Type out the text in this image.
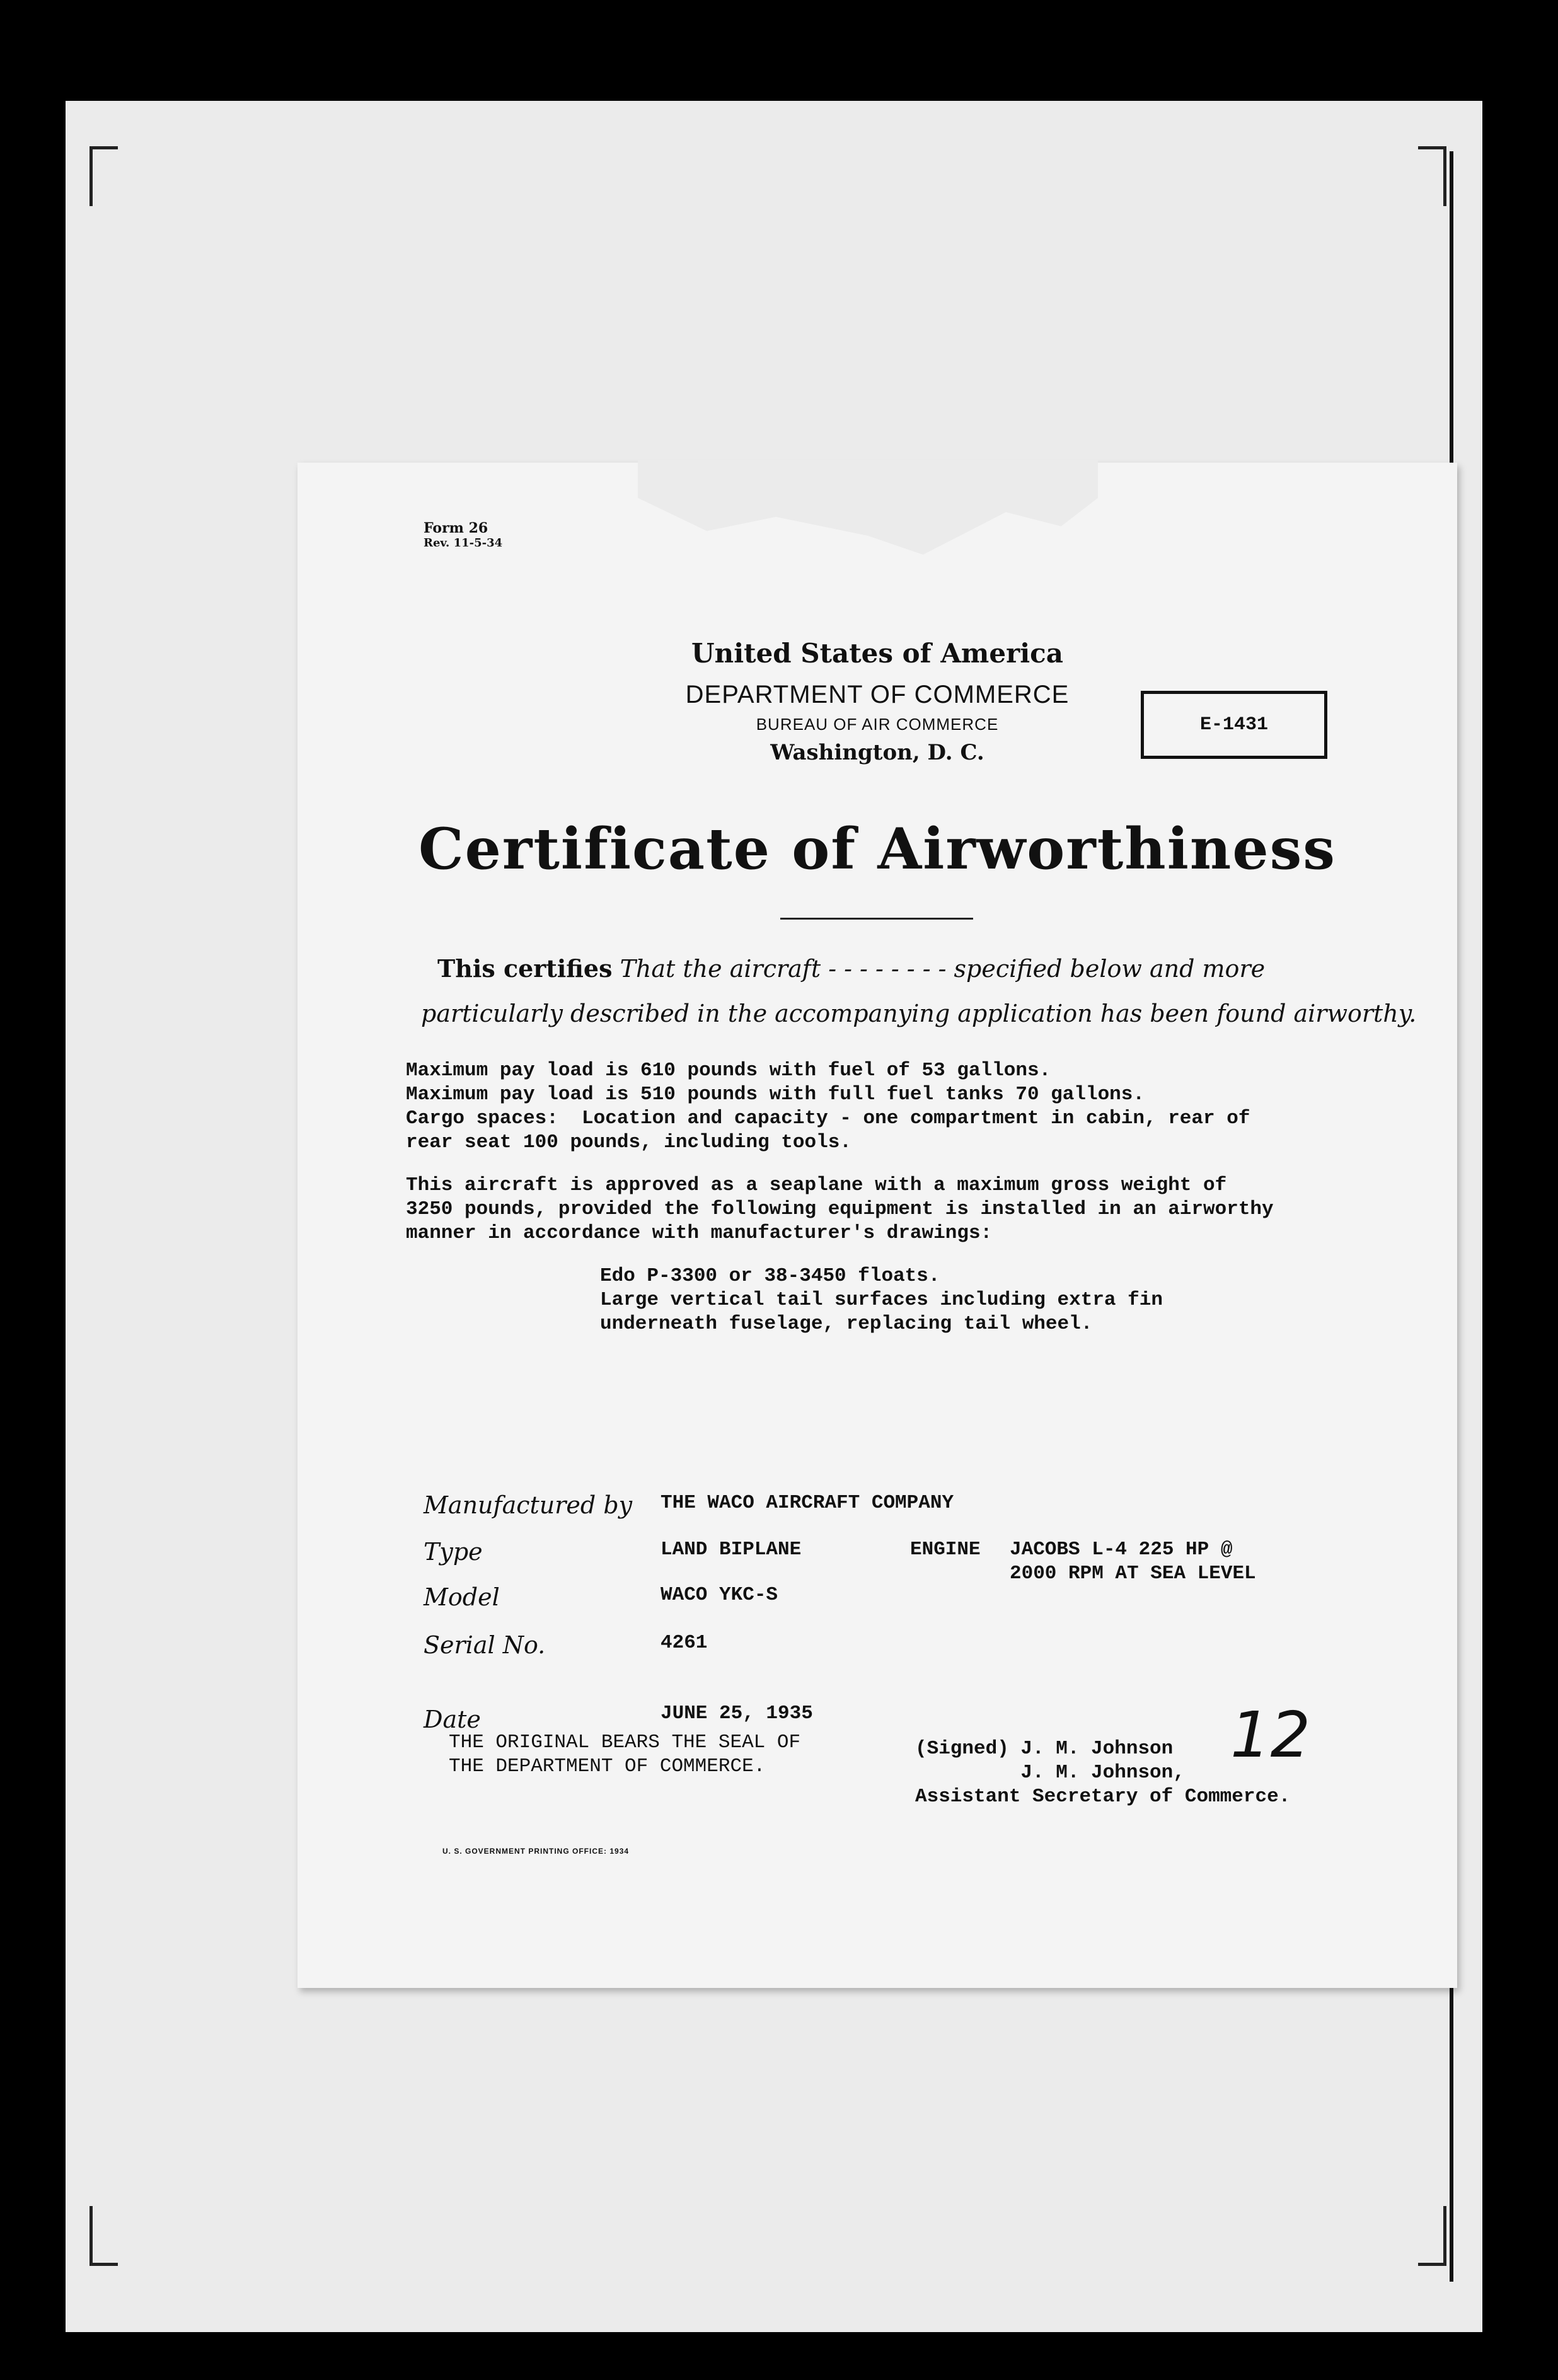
Form 26
Rev. 11-5-34
United States of America
DEPARTMENT OF COMMERCE
BUREAU OF AIR COMMERCE
Washington, D. C.
E-1431
Certificate of Airworthiness
This certifies That the aircraft - - - - - - - - specified below and more
particularly described in the accompanying application has been found airworthy.
Maximum pay load is 610 pounds with fuel of 53 gallons.
Maximum pay load is 510 pounds with full fuel tanks 70 gallons.
Cargo spaces:  Location and capacity - one compartment in cabin, rear of
rear seat 100 pounds, including tools.
This aircraft is approved as a seaplane with a maximum gross weight of
3250 pounds, provided the following equipment is installed in an airworthy
manner in accordance with manufacturer's drawings:
Edo P-3300 or 38-3450 floats.
Large vertical tail surfaces including extra fin
underneath fuselage, replacing tail wheel.
Manufactured by
Type
Model
Serial No.
Date
THE WACO AIRCRAFT COMPANY
LAND BIPLANE	ENGINE JACOBS L-4 225 HP @
2000 RPM AT SEA LEVEL
WACO YKC-S
4261
JUNE 25, 1935
THE ORIGINAL BEARS THE SEAL OF
THE DEPARTMENT OF COMMERCE.
(Signed) J. M. Johnson
J. M. Johnson,
Assistant Secretary of Commerce.
12
U. S. GOVERNMENT PRINTING OFFICE: 1934
